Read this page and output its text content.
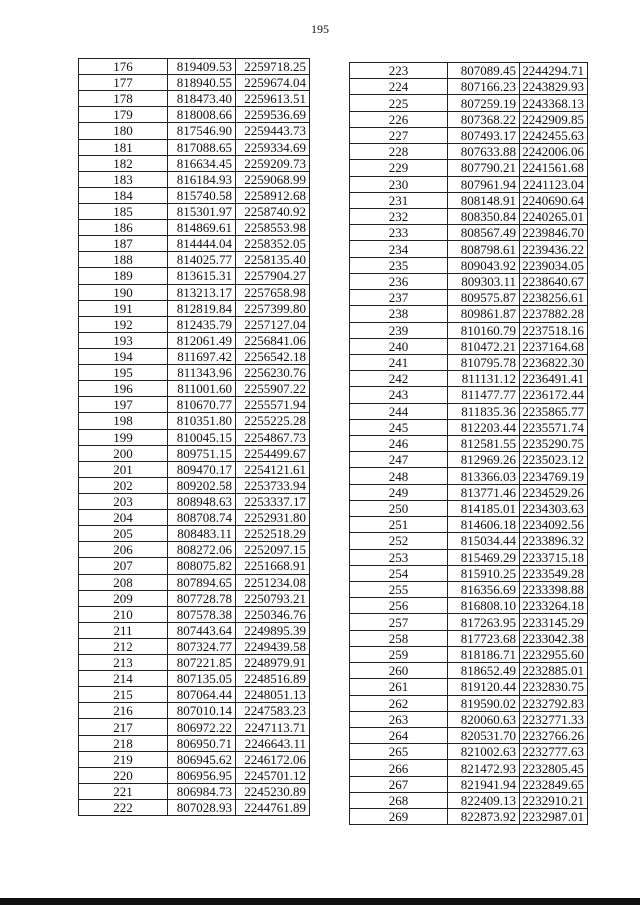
195
176	819409.53	2259718.25
177	818940.55	2259674.04
178	818473.40	2259613.51
179	818008.66	2259536.69
180	817546.90	2259443.73
181	817088.65	2259334.69
182	816634.45	2259209.73
183	816184.93	2259068.99
184	815740.58	2258912.68
185	815301.97	2258740.92
186	814869.61	2258553.98
187	814444.04	2258352.05
188	814025.77	2258135.40
189	813615.31	2257904.27
190	813213.17	2257658.98
191	812819.84	2257399.80
192	812435.79	2257127.04
193	812061.49	2256841.06
194	811697.42	2256542.18
195	811343.96	2256230.76
196	811001.60	2255907.22
197	810670.77	2255571.94
198	810351.80	2255225.28
199	810045.15	2254867.73
200	809751.15	2254499.67
201	809470.17	2254121.61
202	809202.58	2253733.94
203	808948.63	2253337.17
204	808708.74	2252931.80
205	808483.11	2252518.29
206	808272.06	2252097.15
207	808075.82	2251668.91
208	807894.65	2251234.08
209	807728.78	2250793.21
210	807578.38	2250346.76
211	807443.64	2249895.39
212	807324.77	2249439.58
213	807221.85	2248979.91
214	807135.05	2248516.89
215	807064.44	2248051.13
216	807010.14	2247583.23
217	806972.22	2247113.71
218	806950.71	2246643.11
219	806945.62	2246172.06
220	806956.95	2245701.12
221	806984.73	2245230.89
222	807028.93	2244761.89
223	807089.45	2244294.71
224	807166.23	2243829.93
225	807259.19	2243368.13
226	807368.22	2242909.85
227	807493.17	2242455.63
228	807633.88	2242006.06
229	807790.21	2241561.68
230	807961.94	2241123.04
231	808148.91	2240690.64
232	808350.84	2240265.01
233	808567.49	2239846.70
234	808798.61	2239436.22
235	809043.92	2239034.05
236	809303.11	2238640.67
237	809575.87	2238256.61
238	809861.87	2237882.28
239	810160.79	2237518.16
240	810472.21	2237164.68
241	810795.78	2236822.30
242	811131.12	2236491.41
243	811477.77	2236172.44
244	811835.36	2235865.77
245	812203.44	2235571.74
246	812581.55	2235290.75
247	812969.26	2235023.12
248	813366.03	2234769.19
249	813771.46	2234529.26
250	814185.01	2234303.63
251	814606.18	2234092.56
252	815034.44	2233896.32
253	815469.29	2233715.18
254	815910.25	2233549.28
255	816356.69	2233398.88
256	816808.10	2233264.18
257	817263.95	2233145.29
258	817723.68	2233042.38
259	818186.71	2232955.60
260	818652.49	2232885.01
261	819120.44	2232830.75
262	819590.02	2232792.83
263	820060.63	2232771.33
264	820531.70	2232766.26
265	821002.63	2232777.63
266	821472.93	2232805.45
267	821941.94	2232849.65
268	822409.13	2232910.21
269	822873.92	2232987.01
